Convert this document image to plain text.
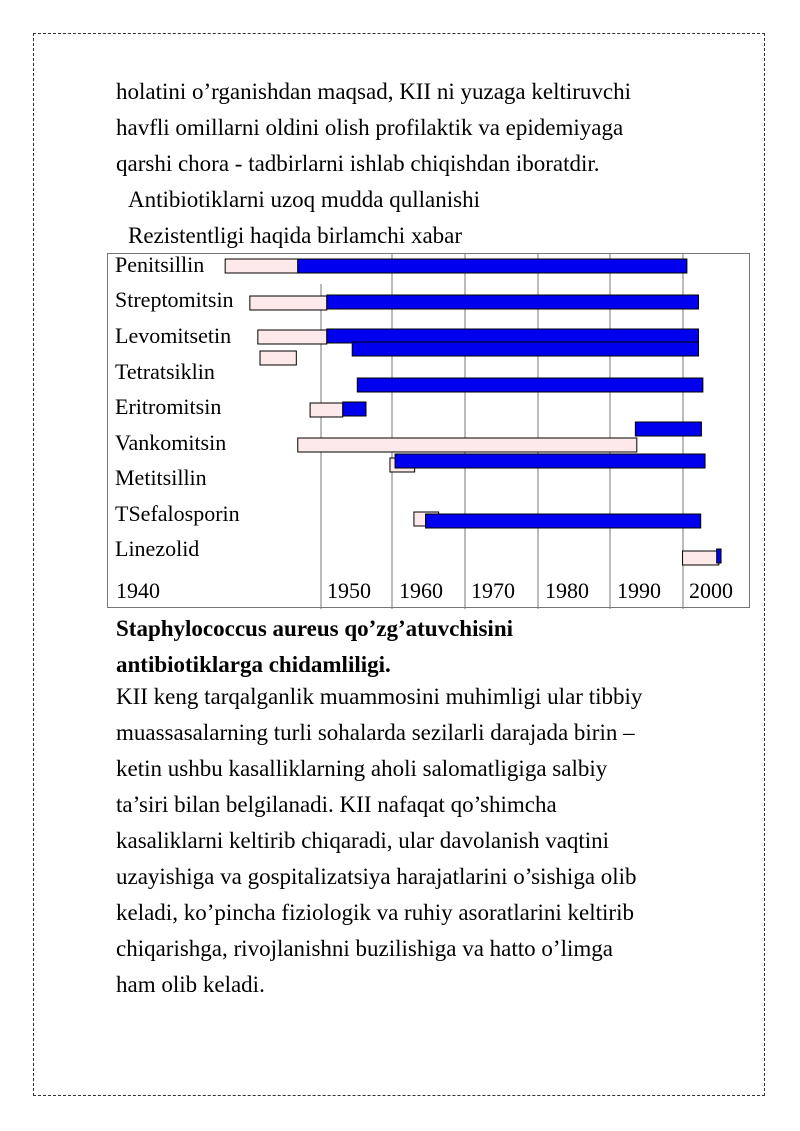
holatini o’rganishdan maqsad, KII ni yuzaga keltiruvchi
havfli omillarni oldini olish profilaktik va epidemiyaga
qarshi chora - tadbirlarni ishlab chiqishdan iboratdir.

Antibiotiklarni uzoq mudda qullanishi
Rezistentligi haqida birlamchi xabar
Penitsillin
Streptomitsin
Levomitsetin
Tetratsiklin
Eritromitsin
Vankomitsin
Metitsillin
TSefalosporin
Linezolid
1940	1950 1960 1970 1980 1990 2000

Staphylococcus aureus qo’zg’atuvchisini
antibiotiklarga chidamliligi.

KII keng tarqalganlik muammosini muhimligi ular tibbiy
muassasalarning turli sohalarda sezilarli darajada birin –
ketin ushbu kasalliklarning aholi salomatligiga salbiy
ta’siri bilan belgilanadi. KII nafaqat qo’shimcha
kasaliklarni keltirib chiqaradi, ular davolanish vaqtini
uzayishiga va gospitalizatsiya harajatlarini o’sishiga olib
keladi, ko’pincha fiziologik va ruhiy asoratlarini keltirib
chiqarishga, rivojlanishni buzilishiga va hatto o’limga
ham olib keladi.
